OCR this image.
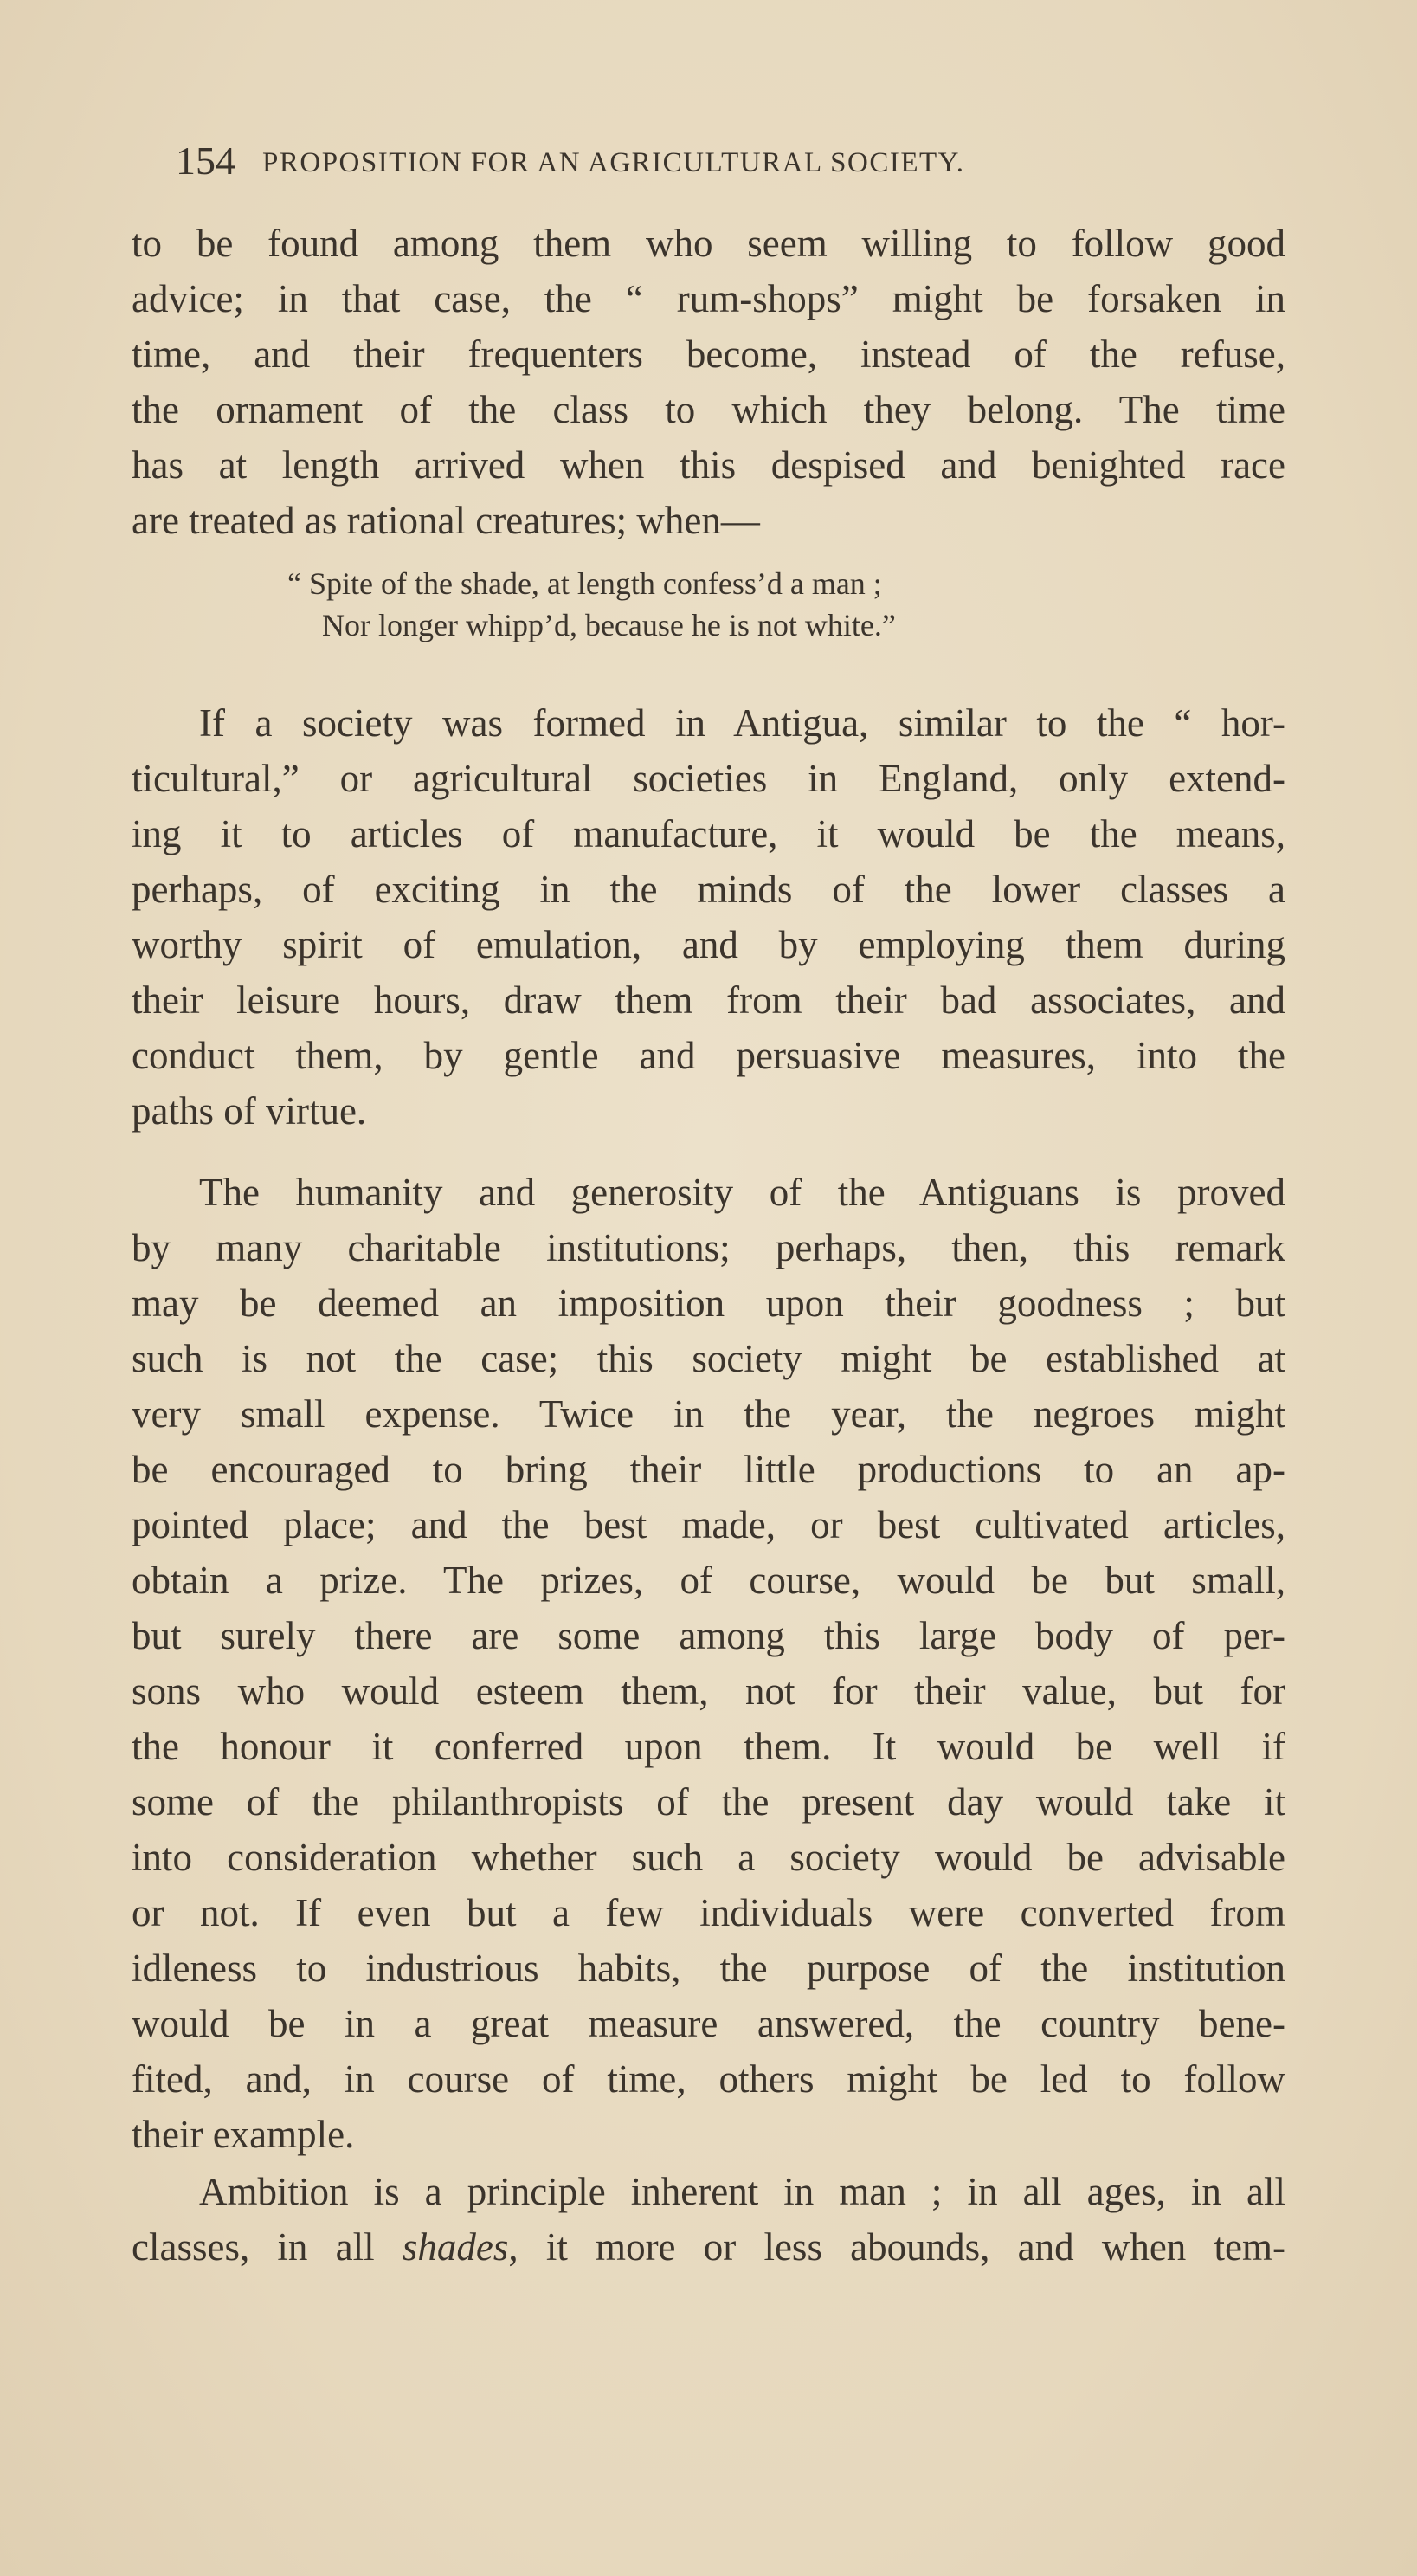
154 PROPOSITION FOR AN AGRICULTURAL SOCIETY.
to be found among them who seem willing to follow good
advice; in that case, the “ rum-shops” might be forsaken in
time, and their frequenters become, instead of the refuse,
the ornament of the class to which they belong. The time
has at length arrived when this despised and benighted race
are treated as rational creatures; when—
“ Spite of the shade, at length confess’d a man ;
Nor longer whipp’d, because he is not white.”
If a society was formed in Antigua, similar to the “ hor-
ticultural,” or agricultural societies in England, only extend-
ing it to articles of manufacture, it would be the means,
perhaps, of exciting in the minds of the lower classes a
worthy spirit of emulation, and by employing them during
their leisure hours, draw them from their bad associates, and
conduct them, by gentle and persuasive measures, into the
paths of virtue.
The humanity and generosity of the Antiguans is proved
by many charitable institutions; perhaps, then, this remark
may be deemed an imposition upon their goodness ; but
such is not the case; this society might be established at
very small expense. Twice in the year, the negroes might
be encouraged to bring their little productions to an ap-
pointed place; and the best made, or best cultivated articles,
obtain a prize. The prizes, of course, would be but small,
but surely there are some among this large body of per-
sons who would esteem them, not for their value, but for
the honour it conferred upon them. It would be well if
some of the philanthropists of the present day would take it
into consideration whether such a society would be advisable
or not. If even but a few individuals were converted from
idleness to industrious habits, the purpose of the institution
would be in a great measure answered, the country bene-
fited, and, in course of time, others might be led to follow
their example.
Ambition is a principle inherent in man ; in all ages, in all
classes, in all shades, it more or less abounds, and when tem-
